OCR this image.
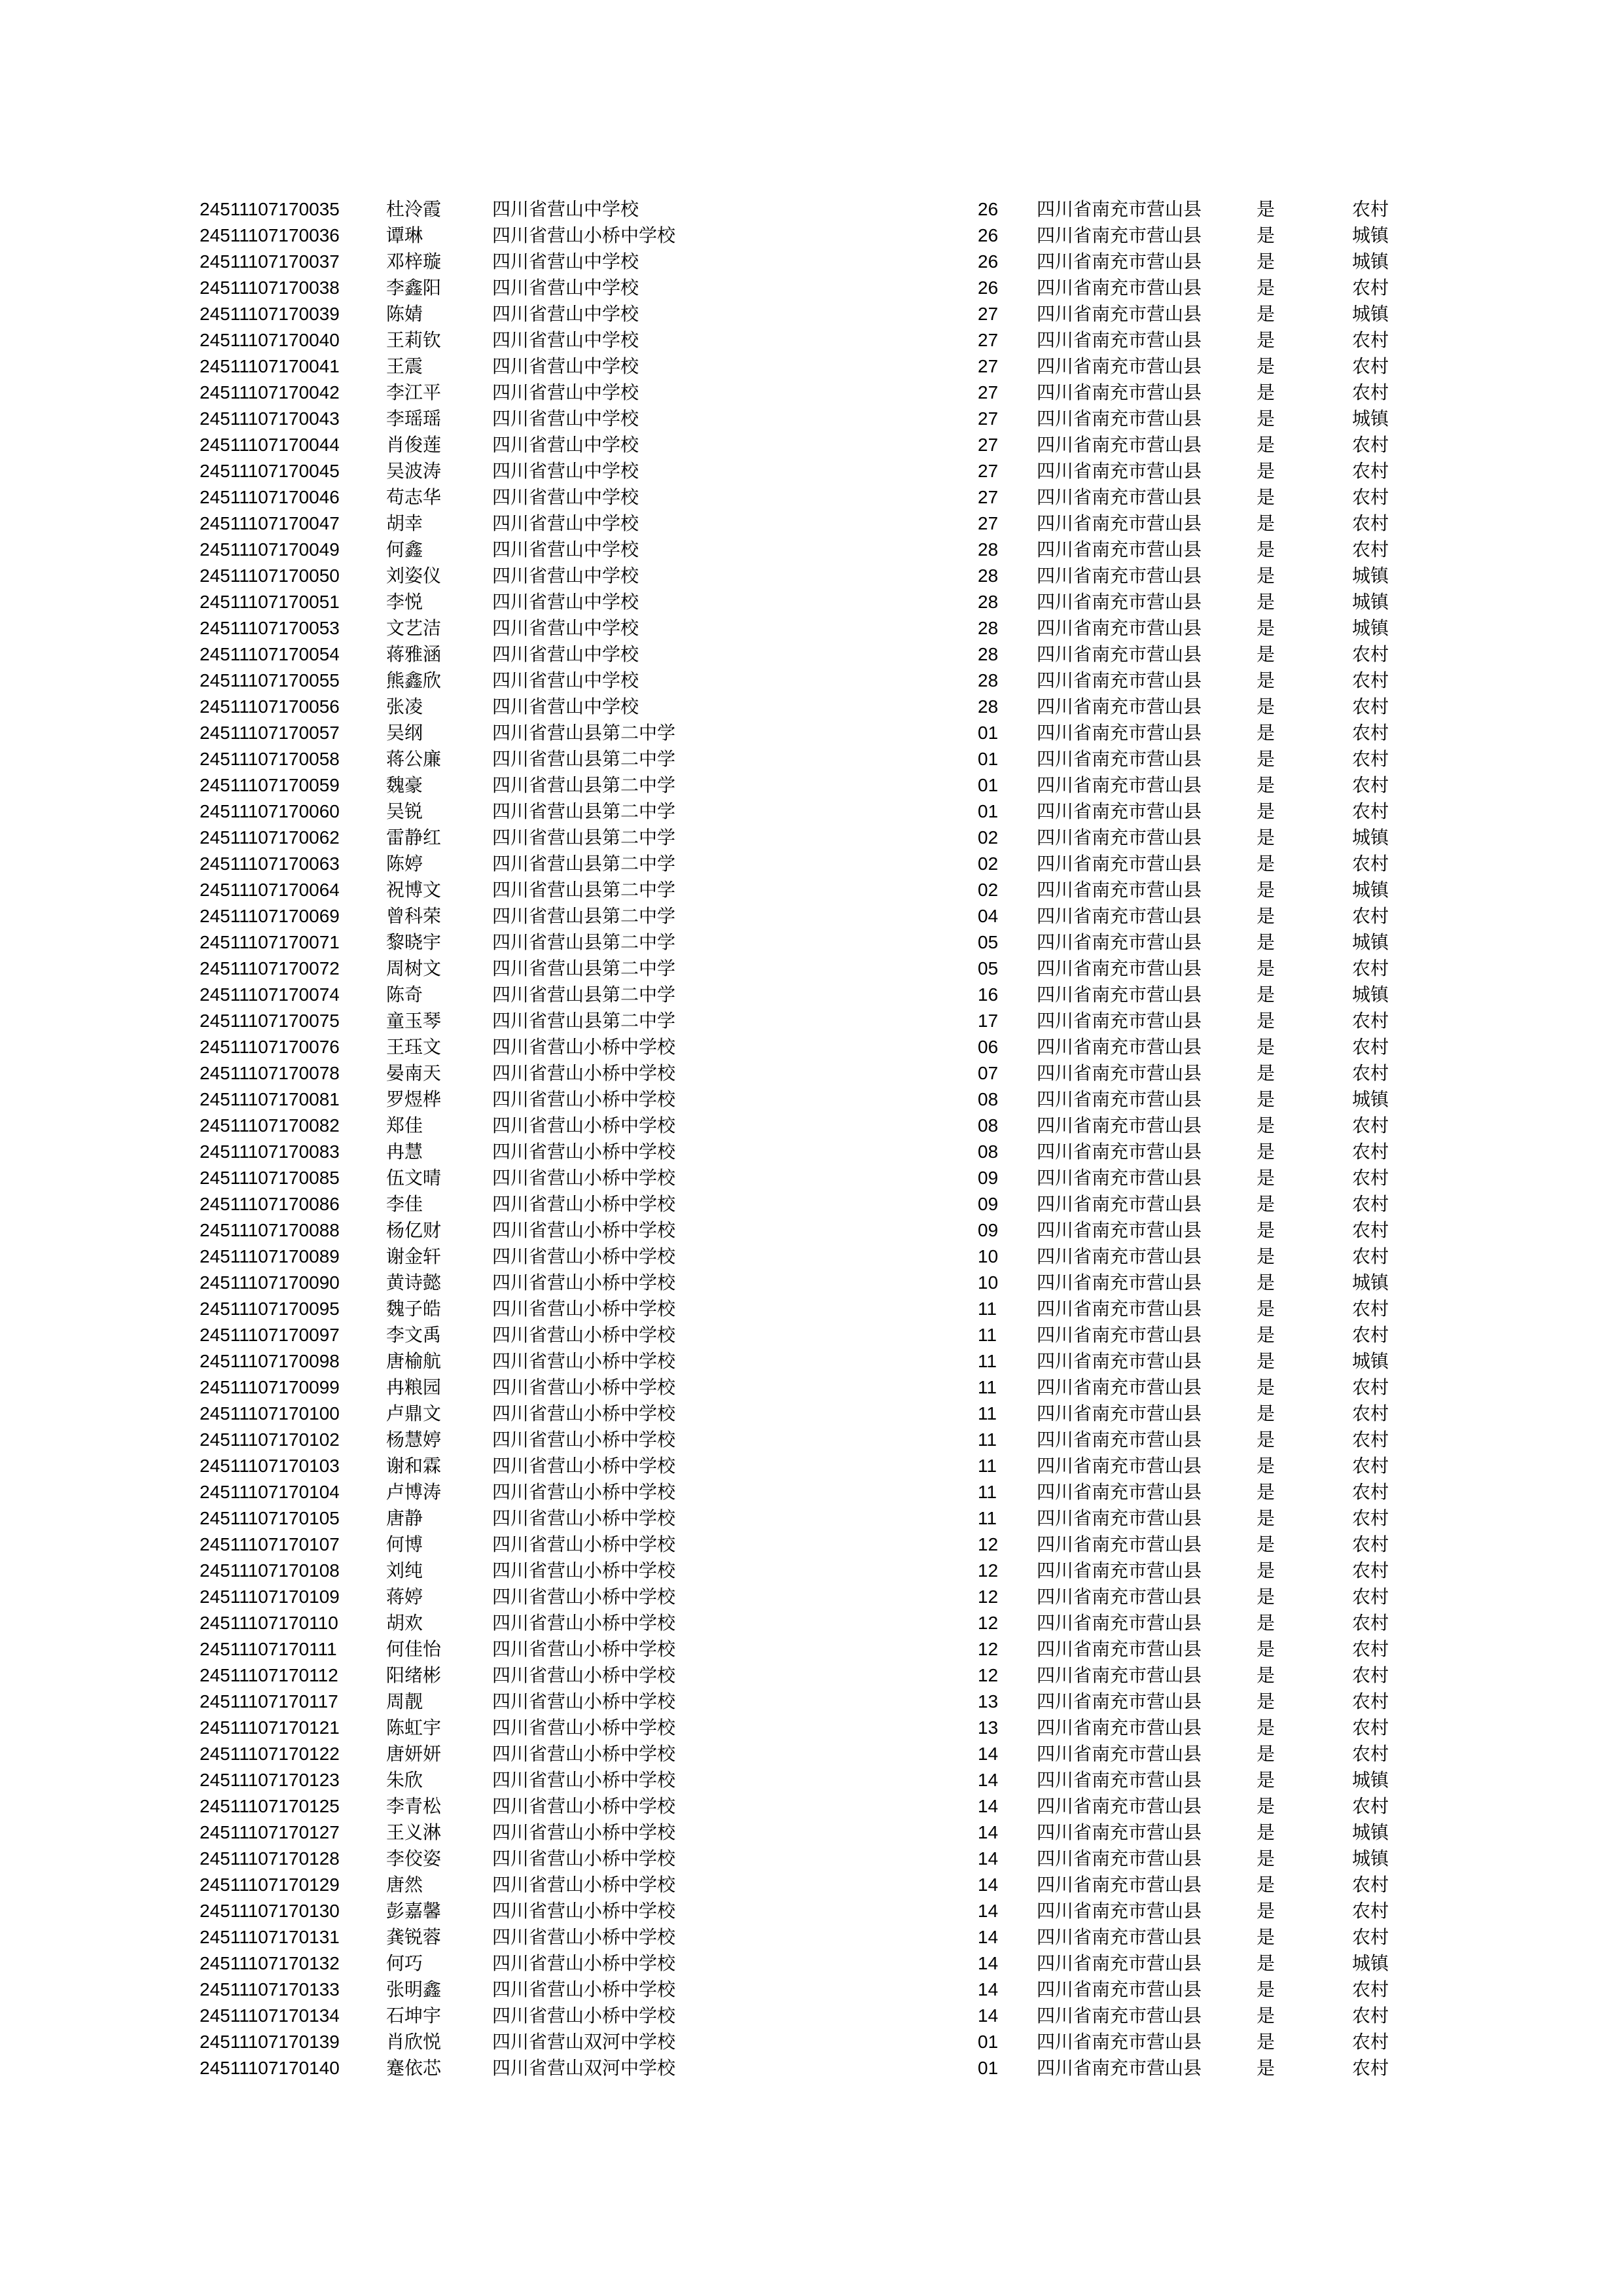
24511107170035	杜泠霞	四川省营山中学校	26 四川省南充市营山县	是	农村
24511107170036	谭琳	四川省营山小桥中学校	26 四川省南充市营山县	是	城镇
24511107170037	邓梓璇	四川省营山中学校	26 四川省南充市营山县	是	城镇
24511107170038	李鑫阳	四川省营山中学校	26 四川省南充市营山县	是	农村
24511107170039	陈婧	四川省营山中学校	27 四川省南充市营山县	是	城镇
24511107170040	王莉钦	四川省营山中学校	27 四川省南充市营山县	是	农村
24511107170041	王震	四川省营山中学校	27 四川省南充市营山县	是	农村
24511107170042	李江平	四川省营山中学校	27 四川省南充市营山县	是	农村
24511107170043	李瑶瑶	四川省营山中学校	27 四川省南充市营山县	是	城镇
24511107170044	肖俊莲	四川省营山中学校	27 四川省南充市营山县	是	农村
24511107170045	吴波涛	四川省营山中学校	27 四川省南充市营山县	是	农村
24511107170046	苟志华	四川省营山中学校	27 四川省南充市营山县	是	农村
24511107170047	胡幸	四川省营山中学校	27 四川省南充市营山县	是	农村
24511107170049	何鑫	四川省营山中学校	28 四川省南充市营山县	是	农村
24511107170050	刘姿仪	四川省营山中学校	28 四川省南充市营山县	是	城镇
24511107170051	李悦	四川省营山中学校	28 四川省南充市营山县	是	城镇
24511107170053	文艺洁	四川省营山中学校	28 四川省南充市营山县	是	城镇
24511107170054	蒋雅涵	四川省营山中学校	28 四川省南充市营山县	是	农村
24511107170055	熊鑫欣	四川省营山中学校	28 四川省南充市营山县	是	农村
24511107170056	张凌	四川省营山中学校	28 四川省南充市营山县	是	农村
24511107170057	吴纲	四川省营山县第二中学	01 四川省南充市营山县	是	农村
24511107170058	蒋公廉	四川省营山县第二中学	01 四川省南充市营山县	是	农村
24511107170059	魏豪	四川省营山县第二中学	01 四川省南充市营山县	是	农村
24511107170060	吴锐	四川省营山县第二中学	01 四川省南充市营山县	是	农村
24511107170062	雷静红	四川省营山县第二中学	02 四川省南充市营山县	是	城镇
24511107170063	陈婷	四川省营山县第二中学	02 四川省南充市营山县	是	农村
24511107170064	祝博文	四川省营山县第二中学	02 四川省南充市营山县	是	城镇
24511107170069	曾科荣	四川省营山县第二中学	04 四川省南充市营山县	是	农村
24511107170071	黎晓宇	四川省营山县第二中学	05 四川省南充市营山县	是	城镇
24511107170072	周树文	四川省营山县第二中学	05 四川省南充市营山县	是	农村
24511107170074	陈奇	四川省营山县第二中学	16 四川省南充市营山县	是	城镇
24511107170075	童玉琴	四川省营山县第二中学	17 四川省南充市营山县	是	农村
24511107170076	王珏文	四川省营山小桥中学校	06 四川省南充市营山县	是	农村
24511107170078	晏南天	四川省营山小桥中学校	07 四川省南充市营山县	是	农村
24511107170081	罗煜桦	四川省营山小桥中学校	08 四川省南充市营山县	是	城镇
24511107170082	郑佳	四川省营山小桥中学校	08 四川省南充市营山县	是	农村
24511107170083	冉慧	四川省营山小桥中学校	08 四川省南充市营山县	是	农村
24511107170085	伍文晴	四川省营山小桥中学校	09 四川省南充市营山县	是	农村
24511107170086	李佳	四川省营山小桥中学校	09 四川省南充市营山县	是	农村
24511107170088	杨亿财	四川省营山小桥中学校	09 四川省南充市营山县	是	农村
24511107170089	谢金轩	四川省营山小桥中学校	10 四川省南充市营山县	是	农村
24511107170090	黄诗懿	四川省营山小桥中学校	10 四川省南充市营山县	是	城镇
24511107170095	魏子皓	四川省营山小桥中学校	11 四川省南充市营山县	是	农村
24511107170097	李文禹	四川省营山小桥中学校	11 四川省南充市营山县	是	农村
24511107170098	唐榆航	四川省营山小桥中学校	11 四川省南充市营山县	是	城镇
24511107170099	冉粮园	四川省营山小桥中学校	11 四川省南充市营山县	是	农村
24511107170100	卢鼎文	四川省营山小桥中学校	11 四川省南充市营山县	是	农村
24511107170102	杨慧婷	四川省营山小桥中学校	11 四川省南充市营山县	是	农村
24511107170103	谢和霖	四川省营山小桥中学校	11 四川省南充市营山县	是	农村
24511107170104	卢博涛	四川省营山小桥中学校	11 四川省南充市营山县	是	农村
24511107170105	唐静	四川省营山小桥中学校	11 四川省南充市营山县	是	农村
24511107170107	何博	四川省营山小桥中学校	12 四川省南充市营山县	是	农村
24511107170108	刘纯	四川省营山小桥中学校	12 四川省南充市营山县	是	农村
24511107170109	蒋婷	四川省营山小桥中学校	12 四川省南充市营山县	是	农村
24511107170110	胡欢	四川省营山小桥中学校	12 四川省南充市营山县	是	农村
24511107170111	何佳怡	四川省营山小桥中学校	12 四川省南充市营山县	是	农村
24511107170112	阳绪彬	四川省营山小桥中学校	12 四川省南充市营山县	是	农村
24511107170117	周靓	四川省营山小桥中学校	13 四川省南充市营山县	是	农村
24511107170121	陈虹宇	四川省营山小桥中学校	13 四川省南充市营山县	是	农村
24511107170122	唐妍妍	四川省营山小桥中学校	14 四川省南充市营山县	是	农村
24511107170123	朱欣	四川省营山小桥中学校	14 四川省南充市营山县	是	城镇
24511107170125	李青松	四川省营山小桥中学校	14 四川省南充市营山县	是	农村
24511107170127	王义淋	四川省营山小桥中学校	14 四川省南充市营山县	是	城镇
24511107170128	李佼姿	四川省营山小桥中学校	14 四川省南充市营山县	是	城镇
24511107170129	唐然	四川省营山小桥中学校	14 四川省南充市营山县	是	农村
24511107170130	彭嘉馨	四川省营山小桥中学校	14 四川省南充市营山县	是	农村
24511107170131	龚锐蓉	四川省营山小桥中学校	14 四川省南充市营山县	是	农村
24511107170132	何巧	四川省营山小桥中学校	14 四川省南充市营山县	是	城镇
24511107170133	张明鑫	四川省营山小桥中学校	14 四川省南充市营山县	是	农村
24511107170134	石坤宇	四川省营山小桥中学校	14 四川省南充市营山县	是	农村
24511107170139	肖欣悦	四川省营山双河中学校	01 四川省南充市营山县	是	农村
24511107170140	蹇依芯	四川省营山双河中学校	01 四川省南充市营山县	是	农村
